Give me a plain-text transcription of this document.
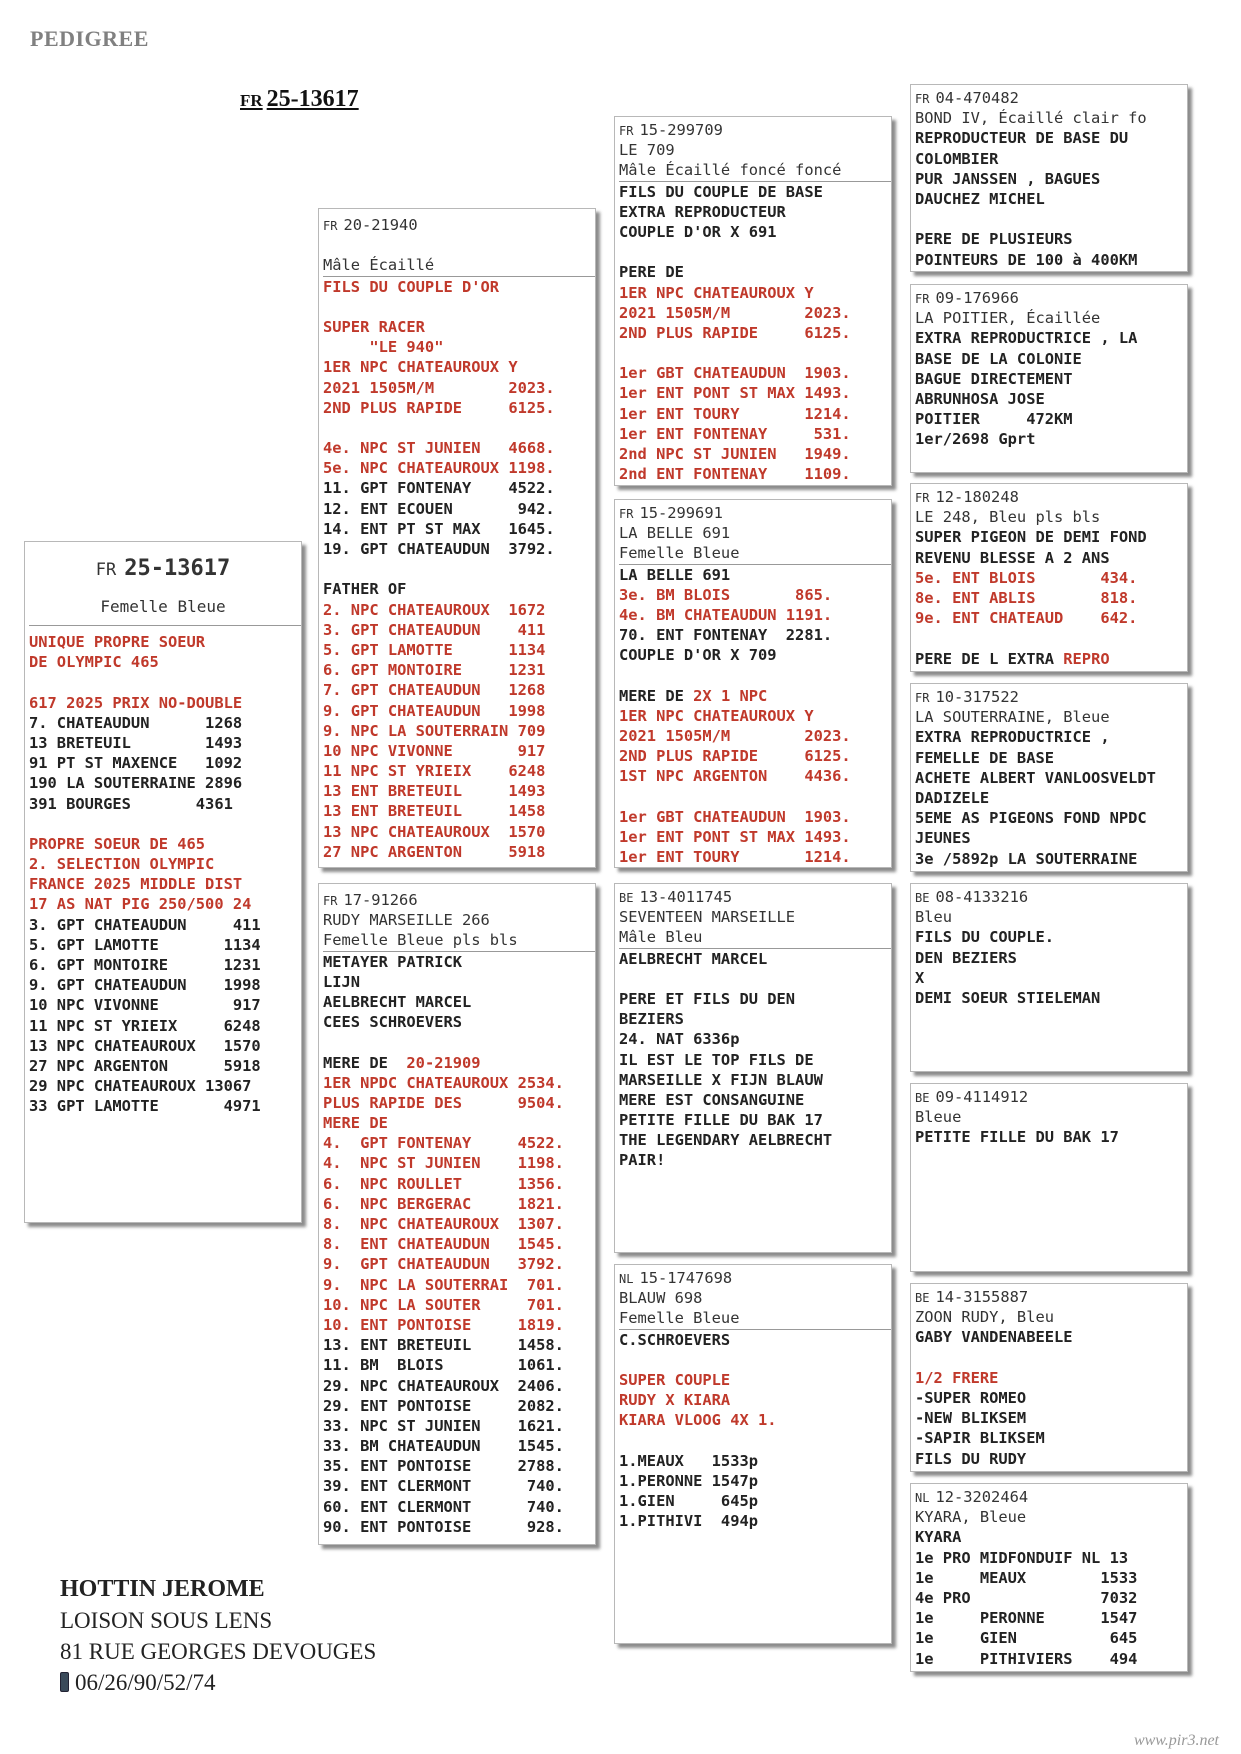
PEDIGREE
FR 25-13617
FR 25-13617
Femelle Bleue
UNIQUE PROPRE SOEUR
DE OLYMPIC 465
617 2025 PRIX NO-DOUBLE
7. CHATEAUDUN      1268
13 BRETEUIL        1493
91 PT ST MAXENCE   1092
190 LA SOUTERRAINE 2896
391 BOURGES       4361
PROPRE SOEUR DE 465
2. SELECTION OLYMPIC
FRANCE 2025 MIDDLE DIST
17 AS NAT PIG 250/500 24
3. GPT CHATEAUDUN     411
5. GPT LAMOTTE       1134
6. GPT MONTOIRE      1231
9. GPT CHATEAUDUN    1998
10 NPC VIVONNE        917
11 NPC ST YRIEIX     6248
13 NPC CHATEAUROUX   1570
27 NPC ARGENTON      5918
29 NPC CHATEAUROUX 13067
33 GPT LAMOTTE       4971
FR 20-21940
Mâle Écaillé
FILS DU COUPLE D'OR
SUPER RACER
"LE 940"
1ER NPC CHATEAUROUX Y
2021 1505M/M        2023.
2ND PLUS RAPIDE     6125.
4e. NPC ST JUNIEN   4668.
5e. NPC CHATEAUROUX 1198.
11. GPT FONTENAY    4522.
12. ENT ECOUEN       942.
14. ENT PT ST MAX   1645.
19. GPT CHATEAUDUN  3792.
FATHER OF
2. NPC CHATEAUROUX  1672
3. GPT CHATEAUDUN    411
5. GPT LAMOTTE      1134
6. GPT MONTOIRE     1231
7. GPT CHATEAUDUN   1268
9. GPT CHATEAUDUN   1998
9. NPC LA SOUTERRAIN 709
10 NPC VIVONNE       917
11 NPC ST YRIEIX    6248
13 ENT BRETEUIL     1493
13 ENT BRETEUIL     1458
13 NPC CHATEAUROUX  1570
27 NPC ARGENTON     5918
FR 17-91266
RUDY MARSEILLE 266
Femelle Bleue pls bls
METAYER PATRICK
LIJN
AELBRECHT MARCEL
CEES SCHROEVERS
MERE DE  20-21909
1ER NPDC CHATEAUROUX 2534.
PLUS RAPIDE DES      9504.
MERE DE
4.  GPT FONTENAY     4522.
4.  NPC ST JUNIEN    1198.
6.  NPC ROULLET      1356.
6.  NPC BERGERAC     1821.
8.  NPC CHATEAUROUX  1307.
8.  ENT CHATEAUDUN   1545.
9.  GPT CHATEAUDUN   3792.
9.  NPC LA SOUTERRAI  701.
10. NPC LA SOUTER     701.
10. ENT PONTOISE     1819.
13. ENT BRETEUIL     1458.
11. BM  BLOIS        1061.
29. NPC CHATEAUROUX  2406.
29. ENT PONTOISE     2082.
33. NPC ST JUNIEN    1621.
33. BM CHATEAUDUN    1545.
35. ENT PONTOISE     2788.
39. ENT CLERMONT      740.
60. ENT CLERMONT      740.
90. ENT PONTOISE      928.
FR 15-299709
LE 709
Mâle Écaillé foncé foncé
FILS DU COUPLE DE BASE
EXTRA REPRODUCTEUR
COUPLE D'OR X 691
PERE DE
1ER NPC CHATEAUROUX Y
2021 1505M/M        2023.
2ND PLUS RAPIDE     6125.
1er GBT CHATEAUDUN  1903.
1er ENT PONT ST MAX 1493.
1er ENT TOURY       1214.
1er ENT FONTENAY     531.
2nd NPC ST JUNIEN   1949.
2nd ENT FONTENAY    1109.
FR 15-299691
LA BELLE 691
Femelle Bleue
LA BELLE 691
3e. BM BLOIS       865.
4e. BM CHATEAUDUN 1191.
70. ENT FONTENAY  2281.
COUPLE D'OR X 709
MERE DE 2X 1 NPC
1ER NPC CHATEAUROUX Y
2021 1505M/M        2023.
2ND PLUS RAPIDE     6125.
1ST NPC ARGENTON    4436.
1er GBT CHATEAUDUN  1903.
1er ENT PONT ST MAX 1493.
1er ENT TOURY       1214.
BE 13-4011745
SEVENTEEN MARSEILLE
Mâle Bleu
AELBRECHT MARCEL
PERE ET FILS DU DEN
BEZIERS
24. NAT 6336p
IL EST LE TOP FILS DE
MARSEILLE X FIJN BLAUW
MERE EST CONSANGUINE
PETITE FILLE DU BAK 17
THE LEGENDARY AELBRECHT
PAIR!
NL 15-1747698
BLAUW 698
Femelle Bleue
C.SCHROEVERS
SUPER COUPLE
RUDY X KIARA
KIARA VLOOG 4X 1.
1.MEAUX   1533p
1.PERONNE 1547p
1.GIEN     645p
1.PITHIVI  494p
FR 04-470482
BOND IV, Écaillé clair fo
REPRODUCTEUR DE BASE DU
COLOMBIER
PUR JANSSEN , BAGUES
DAUCHEZ MICHEL
PERE DE PLUSIEURS
POINTEURS DE 100 à 400KM
FR 09-176966
LA POITIER, Écaillée
EXTRA REPRODUCTRICE , LA
BASE DE LA COLONIE
BAGUE DIRECTEMENT
ABRUNHOSA JOSE
POITIER     472KM
1er/2698 Gprt
FR 12-180248
LE 248, Bleu pls bls
SUPER PIGEON DE DEMI FOND
REVENU BLESSE A 2 ANS
5e. ENT BLOIS       434.
8e. ENT ABLIS       818.
9e. ENT CHATEAUD    642.
PERE DE L EXTRA REPRO
FR 10-317522
LA SOUTERRAINE, Bleue
EXTRA REPRODUCTRICE ,
FEMELLE DE BASE
ACHETE ALBERT VANLOOSVELDT
DADIZELE
5EME AS PIGEONS FOND NPDC
JEUNES
3e /5892p LA SOUTERRAINE
BE 08-4133216
Bleu
FILS DU COUPLE.
DEN BEZIERS
X
DEMI SOEUR STIELEMAN
BE 09-4114912
Bleue
PETITE FILLE DU BAK 17
BE 14-3155887
ZOON RUDY, Bleu
GABY VANDENABEELE
1/2 FRERE
-SUPER ROMEO
-NEW BLIKSEM
-SAPIR BLIKSEM
FILS DU RUDY
NL 12-3202464
KYARA, Bleue
KYARA
1e PRO MIDFONDUIF NL 13
1e     MEAUX        1533
4e PRO              7032
1e     PERONNE      1547
1e     GIEN          645
1e     PITHIVIERS    494
HOTTIN JEROME
LOISON SOUS LENS
81 RUE GEORGES DEVOUGES
06/26/90/52/74
www.pir3.net
